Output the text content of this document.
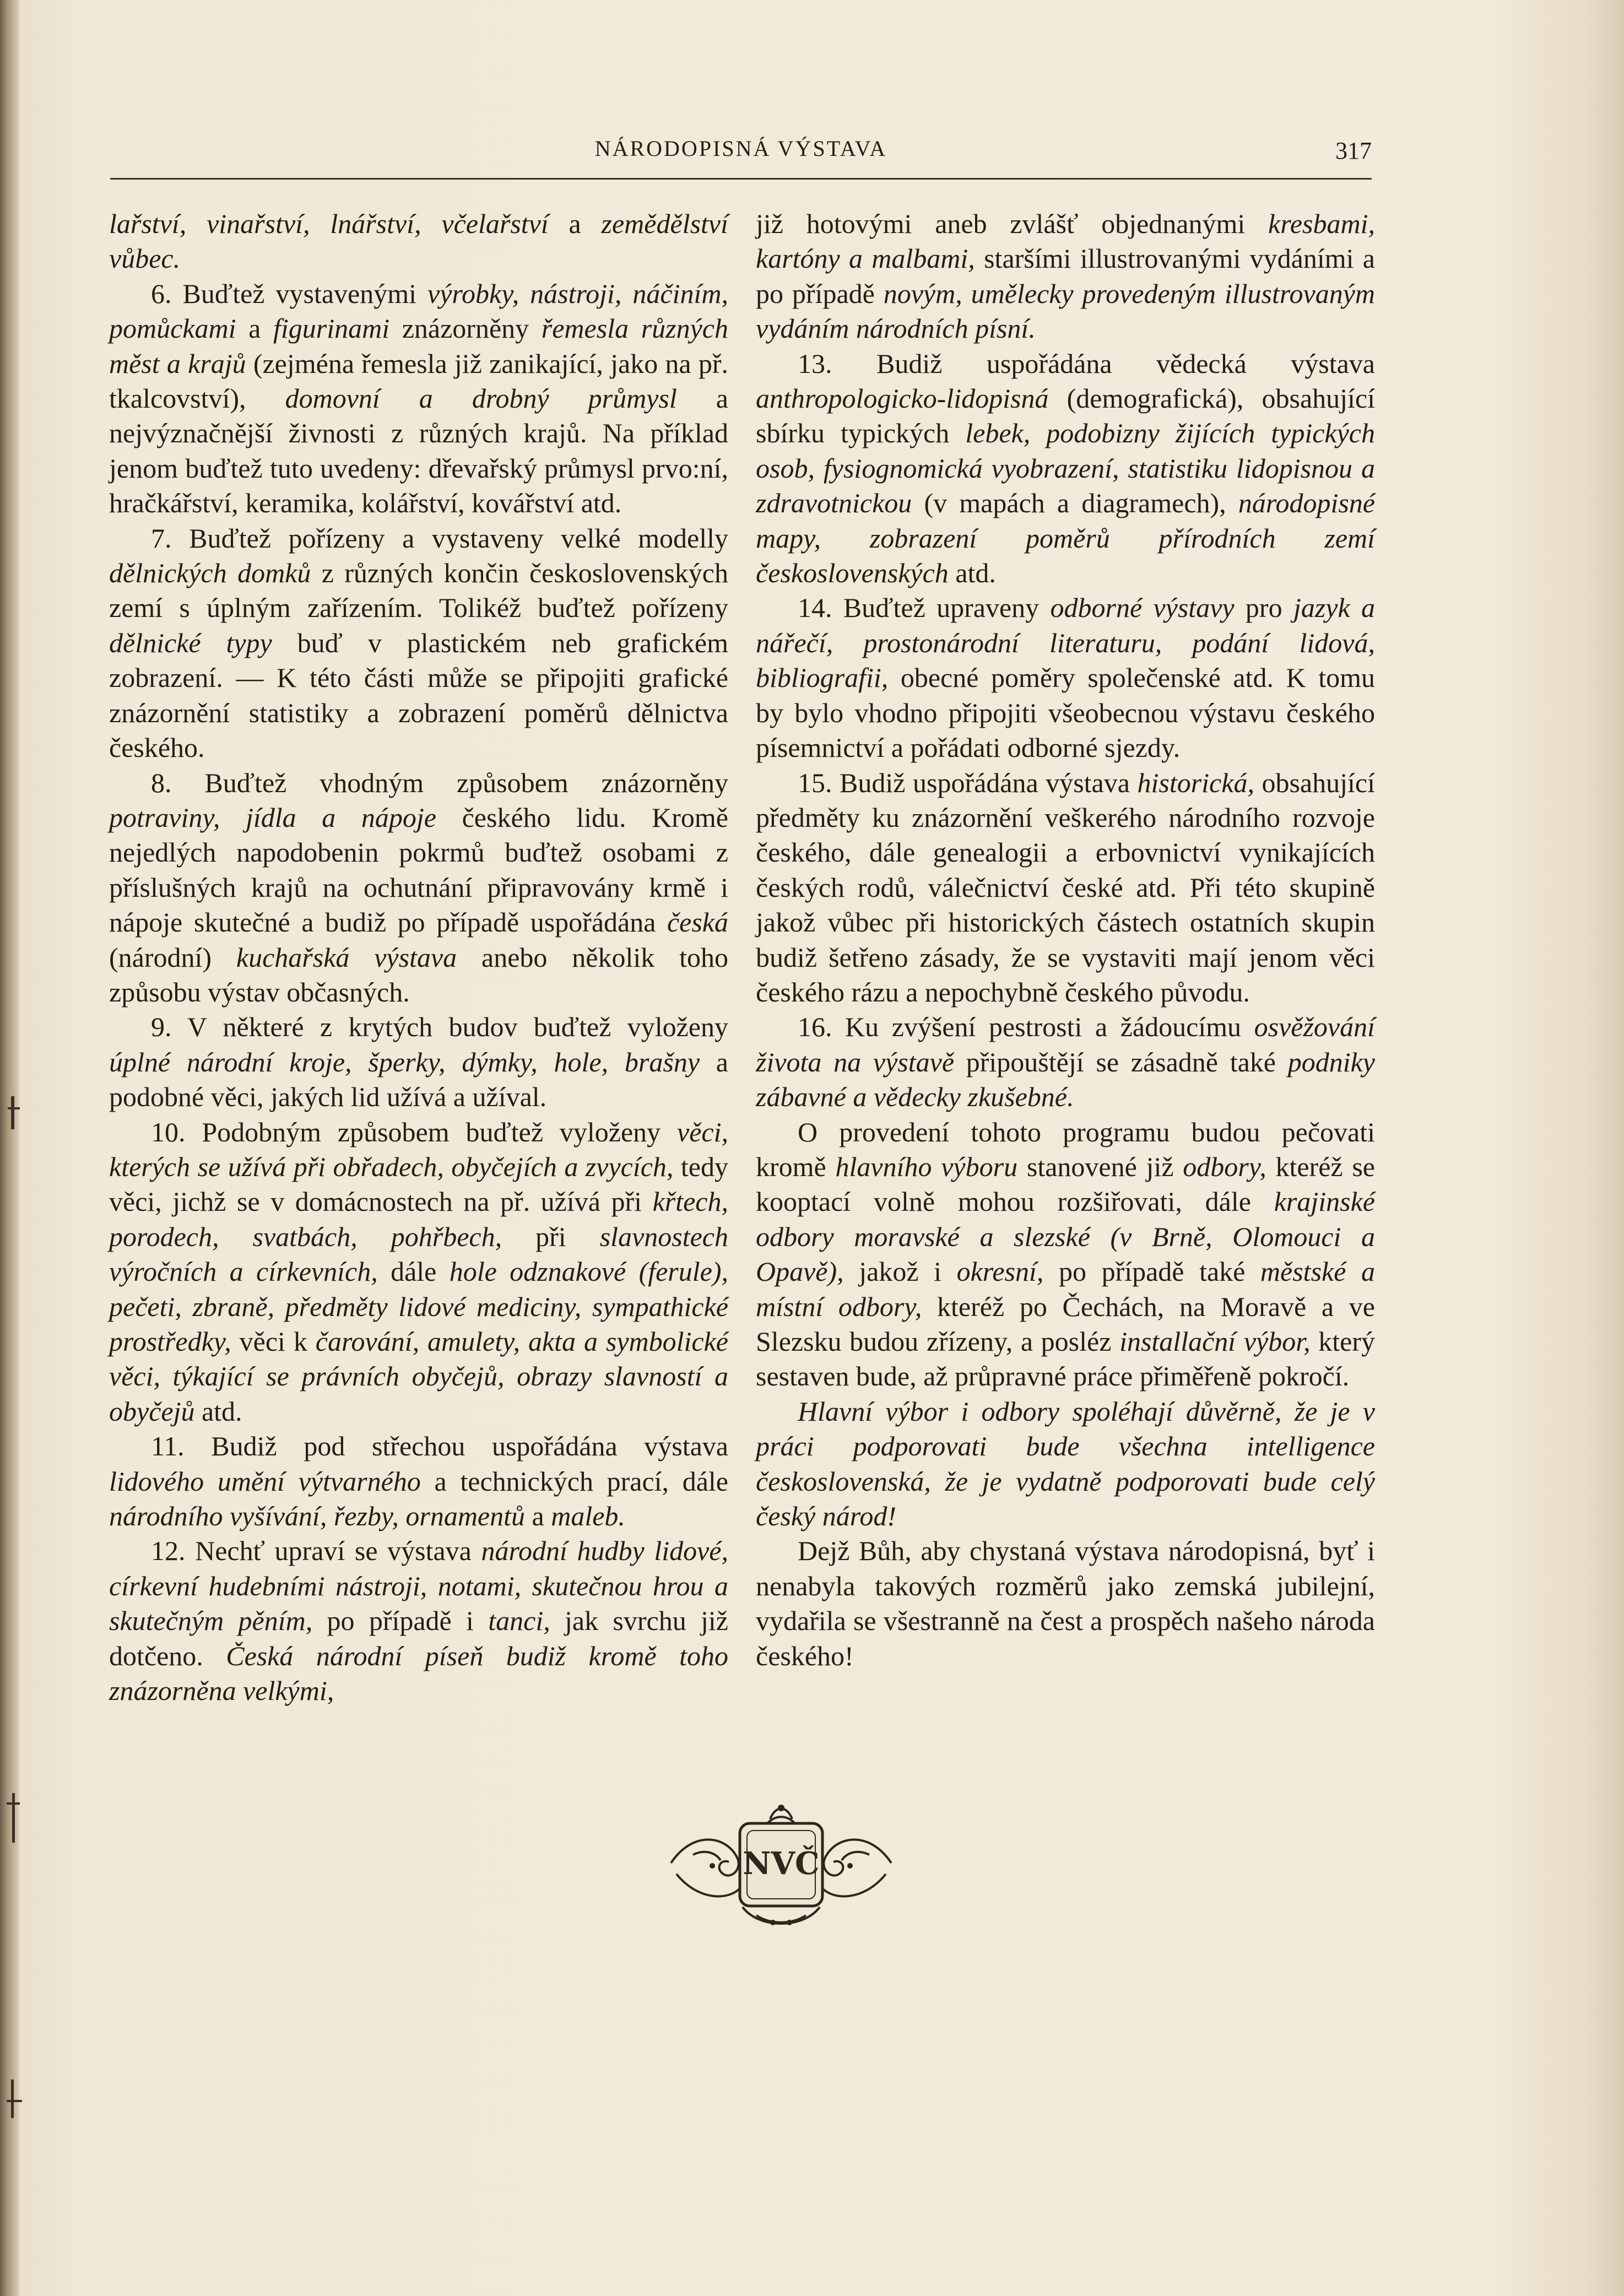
NÁRODOPISNÁ VÝSTAVA	317

lařství, vinařství, lnářství, včelařství a zemědělství vůbec.

6. Buďtež vystavenými výrobky, nástroji, náčiním, pomůckami a figurinami znázorněny řemesla různých měst a krajů (zejména řemesla již zanikající, jako na př. tkalcovství), domovní a drobný průmysl a nejvýznačnější živnosti z různých krajů. Na příklad jenom buďtež tuto uvedeny: dřevařský průmysl prvo:ní, hračkářství, keramika, kolářství, kovářství atd.

7. Buďtež pořízeny a vystaveny velké modelly dělnických domků z různých končin československých zemí s úplným zařízením. Tolikéž buďtež pořízeny dělnické typy buď v plastickém neb grafickém zobrazení. — K této části může se připojiti grafické znázornění statistiky a zobrazení poměrů dělnictva českého.

8. Buďtež vhodným způsobem znázorněny potraviny, jídla a nápoje českého lidu. Kromě nejedlých napodobenin pokrmů buďtež osobami z příslušných krajů na ochutnání připravovány krmě i nápoje skutečné a budiž po případě uspořádána česká (národní) kuchařská výstava anebo několik toho způsobu výstav občasných.

9. V některé z krytých budov buďtež vyloženy úplné národní kroje, šperky, dýmky, hole, brašny a podobné věci, jakých lid užívá a užíval.

10. Podobným způsobem buďtež vyloženy věci, kterých se užívá při obřadech, obyčejích a zvycích, tedy věci, jichž se v domácnostech na př. užívá při křtech, porodech, svatbách, pohřbech, při slavnostech výročních a církevních, dále hole odznakové (ferule), pečeti, zbraně, předměty lidové mediciny, sympathické prostředky, věci k čarování, amulety, akta a symbolické věci, týkající se právních obyčejů, obrazy slavností a obyčejů atd.

11. Budiž pod střechou uspořádána výstava lidového umění výtvarného a technických prací, dále národního vyšívání, řezby, ornamentů a maleb.

12. Nechť upraví se výstava národní hudby lidové, církevní hudebními nástroji, notami, skutečnou hrou a skutečným pěním, po případě i tanci, jak svrchu již dotčeno. Česká národní píseň budiž kromě toho znázorněna velkými,

již hotovými aneb zvlášť objednanými kresbami, kartóny a malbami, staršími illustrovanými vydáními a po případě novým, umělecky provedeným illustrovaným vydáním národních písní.

13. Budiž uspořádána vědecká výstava anthropologicko-lidopisná (demografická), obsahující sbírku typických lebek, podobizny žijících typických osob, fysiognomická vyobrazení, statistiku lidopisnou a zdravotnickou (v mapách a diagramech), národopisné mapy, zobrazení poměrů přírodních zemí československých atd.

14. Buďtež upraveny odborné výstavy pro jazyk a nářečí, prostonárodní literaturu, podání lidová, bibliografii, obecné poměry společenské atd. K tomu by bylo vhodno připojiti všeobecnou výstavu českého písemnictví a pořádati odborné sjezdy.

15. Budiž uspořádána výstava historická, obsahující předměty ku znázornění veškerého národního rozvoje českého, dále genealogii a erbovnictví vynikajících českých rodů, válečnictví české atd. Při této skupině jakož vůbec při historických částech ostatních skupin budiž šetřeno zásady, že se vystaviti mají jenom věci českého rázu a nepochybně českého původu.

16. Ku zvýšení pestrosti a žádoucímu osvěžování života na výstavě připouštějí se zásadně také podniky zábavné a vědecky zkušebné.

O provedení tohoto programu budou pečovati kromě hlavního výboru stanovené již odbory, kteréž se kooptací volně mohou rozšiřovati, dále krajinské odbory moravské a slezské (v Brně, Olomouci a Opavě), jakož i okresní, po případě také městské a místní odbory, kteréž po Čechách, na Moravě a ve Slezsku budou zřízeny, a posléz installační výbor, který sestaven bude, až průpravné práce přiměřeně pokročí.

Hlavní výbor i odbory spoléhají důvěrně, že je v práci podporovati bude všechna intelligence československá, že je vydatně podporovati bude celý český národ!

Dejž Bůh, aby chystaná výstava národopisná, byť i nenabyla takových rozměrů jako zemská jubilejní, vydařila se všestranně na čest a prospěch našeho národa českého!

NVČ
